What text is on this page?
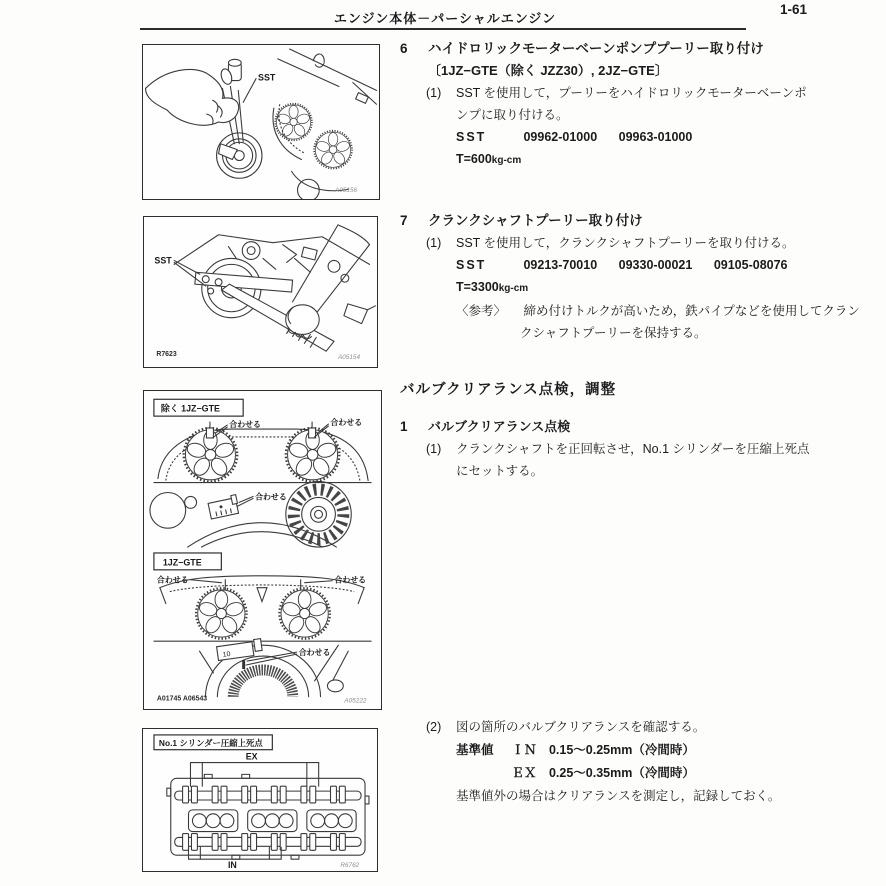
エンジン本体－パーシャルエンジン
1-61
SST
A05156
SST
R7623	A05154
除く 1JZ−GTE
合わせる	合わせる
合わせる
1JZ−GTE
合わせる	合わせる
10	合わせる
A01745 A06543	A05222
No.1 シリンダー圧縮上死点
EX
IN	R6762
6	ハイドロリックモーターベーンポンププーリー取り付け
〔1JZ−GTE（除く JZZ30）, 2JZ−GTE〕
(1)	SST を使用して，プーリーをハイドロリックモーターベーンポ
ンプに取り付ける。
SST	09962-01000 09963-01000
T=600kg-cm
7	クランクシャフトプーリー取り付け
(1)	SST を使用して，クランクシャフトプーリーを取り付ける。
SST	09213-70010 09330-00021 09105-08076
T=3300kg-cm
〈参考〉 締め付けトルクが高いため，鉄パイプなどを使用してクラン
クシャフトプーリーを保持する。
バルブクリアランス点検，調整
1	バルブクリアランス点検
(1)	クランクシャフトを正回転させ，No.1 シリンダーを圧縮上死点
にセットする。
(2)	図の箇所のバルブクリアランスを確認する。
基準値 ＩＮ 0.15～0.25mm（冷間時）
ＥＸ 0.25～0.35mm（冷間時）
基準値外の場合はクリアランスを測定し，記録しておく。
